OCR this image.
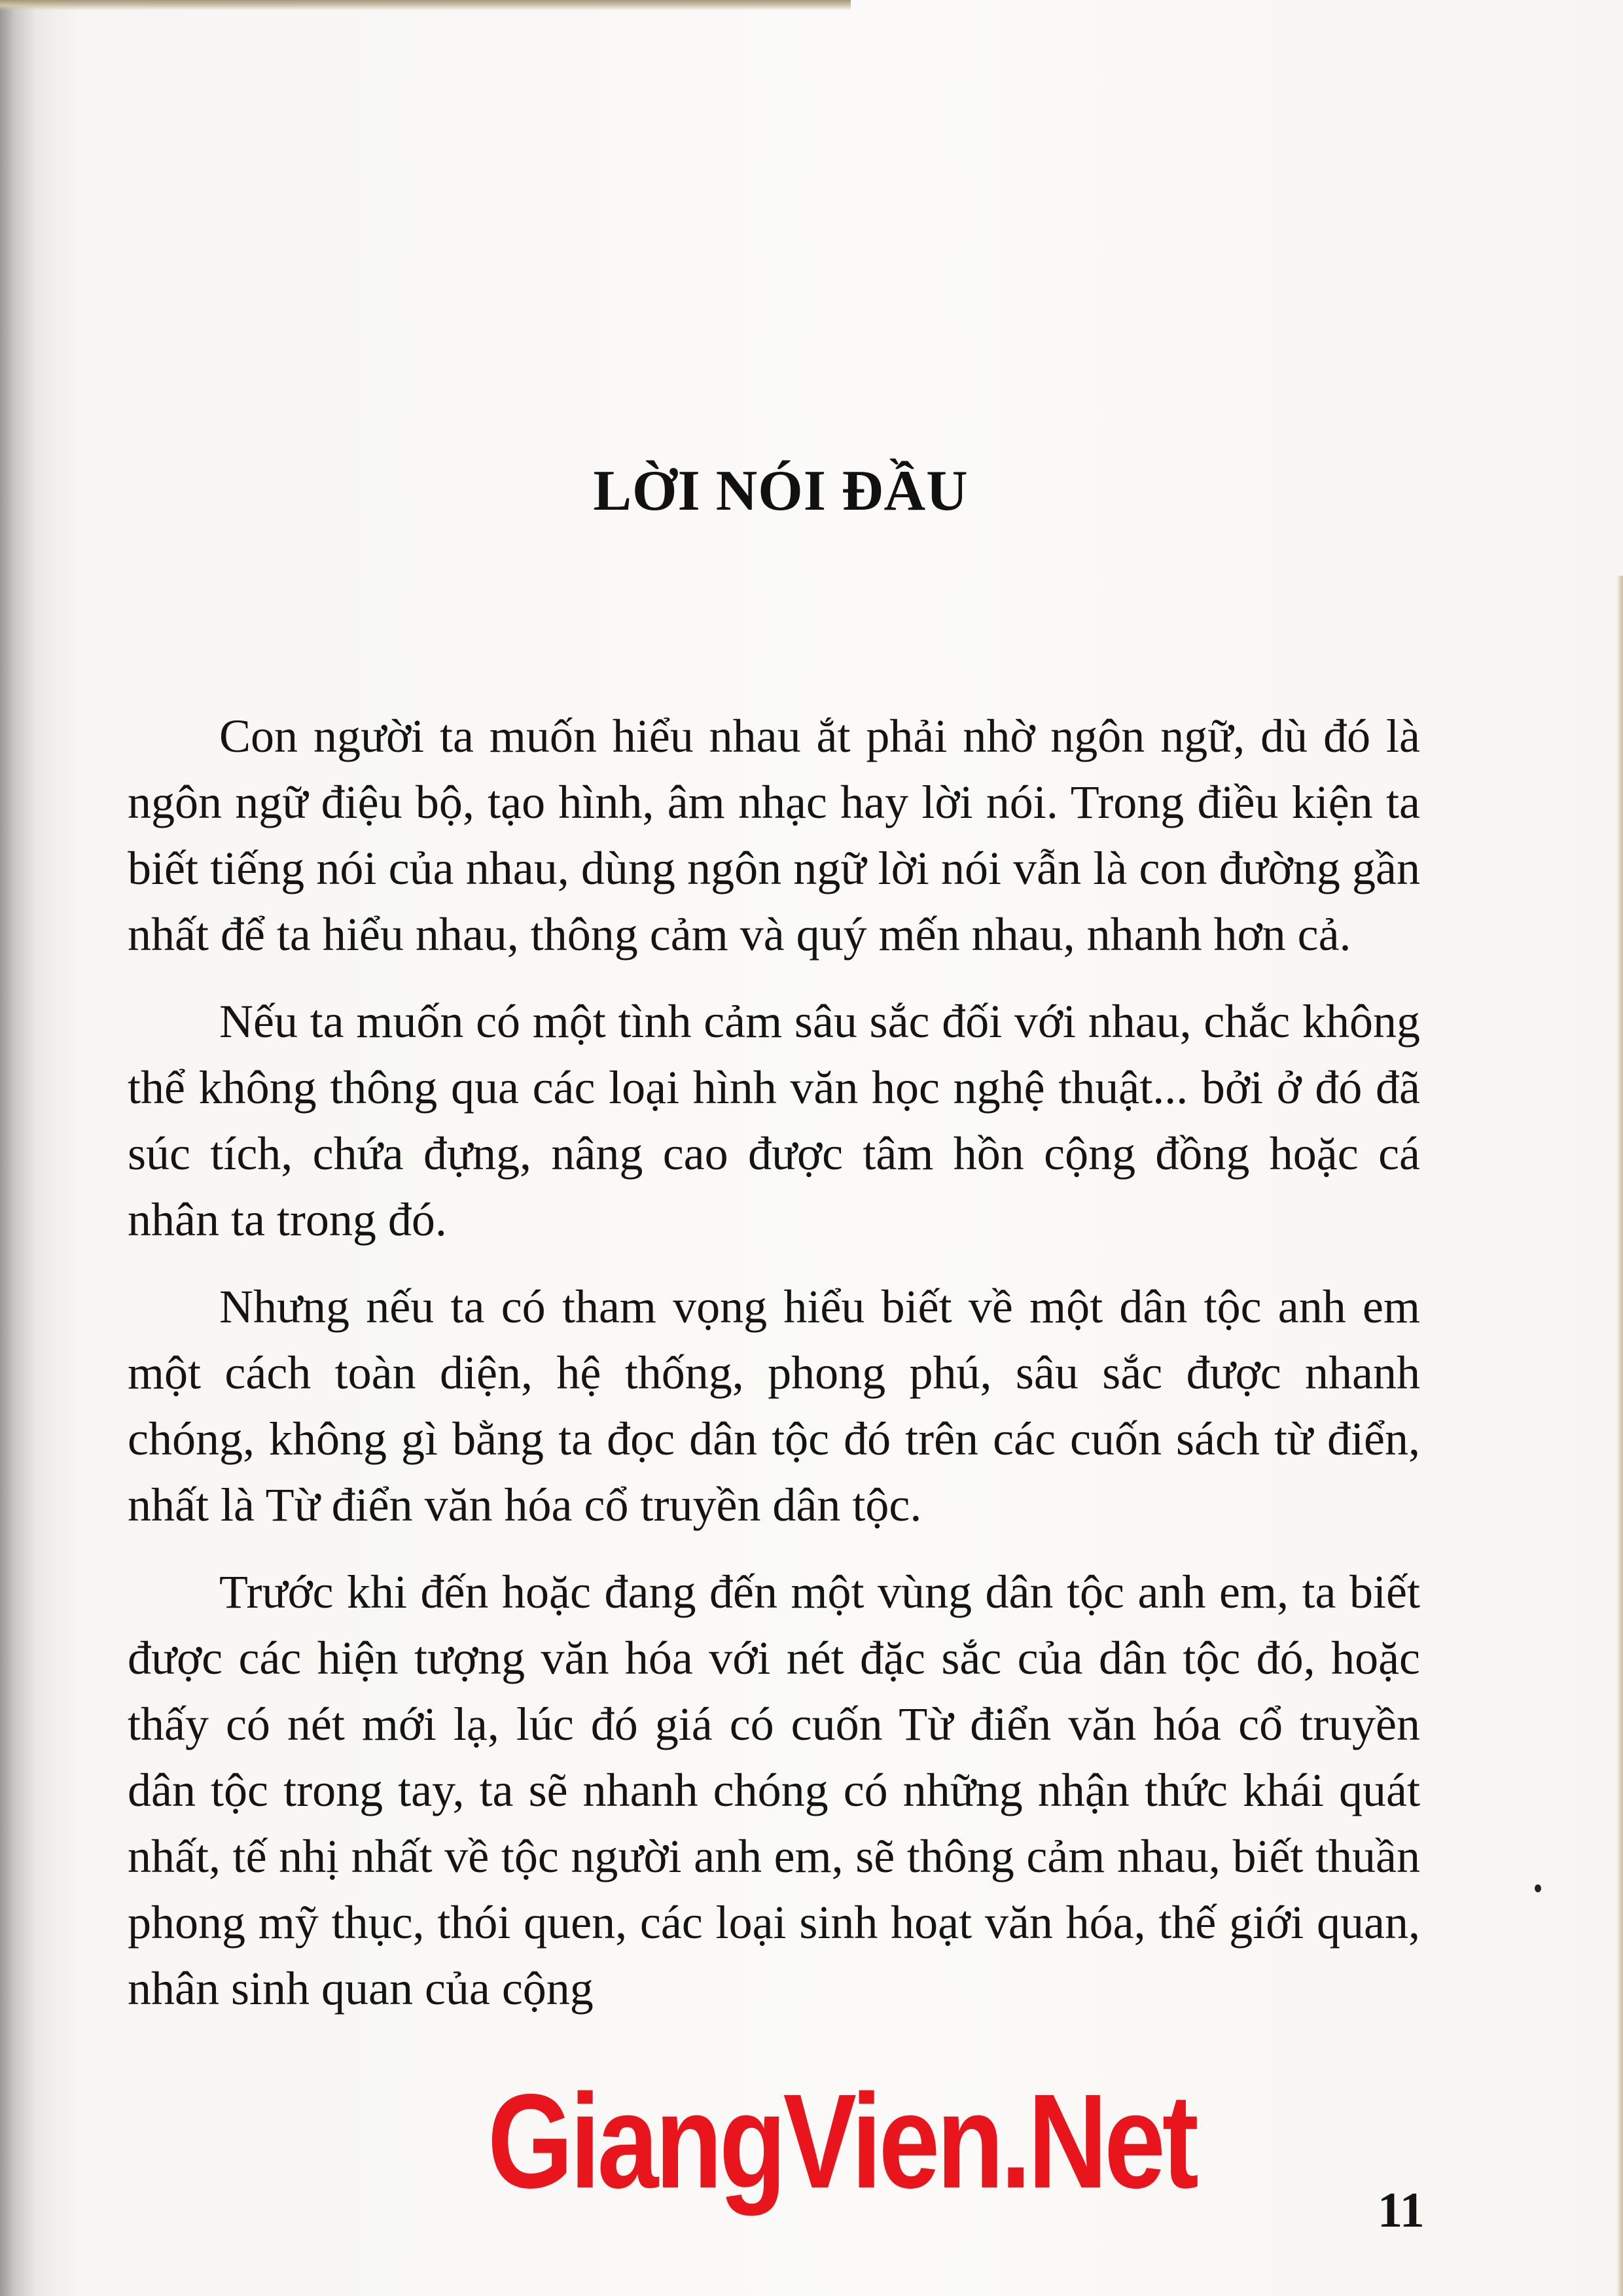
LỜI NÓI ĐẦU

Con người ta muốn hiểu nhau ắt phải nhờ ngôn ngữ, dù đó là ngôn ngữ điệu bộ, tạo hình, âm nhạc hay lời nói. Trong điều kiện ta biết tiếng nói của nhau, dùng ngôn ngữ lời nói vẫn là con đường gần nhất để ta hiểu nhau, thông cảm và quý mến nhau, nhanh hơn cả.

Nếu ta muốn có một tình cảm sâu sắc đối với nhau, chắc không thể không thông qua các loại hình văn học nghệ thuật... bởi ở đó đã súc tích, chứa đựng, nâng cao được tâm hồn cộng đồng hoặc cá nhân ta trong đó.

Nhưng nếu ta có tham vọng hiểu biết về một dân tộc anh em một cách toàn diện, hệ thống, phong phú, sâu sắc được nhanh chóng, không gì bằng ta đọc dân tộc đó trên các cuốn sách từ điển, nhất là Từ điển văn hóa cổ truyền dân tộc.

Trước khi đến hoặc đang đến một vùng dân tộc anh em, ta biết được các hiện tượng văn hóa với nét đặc sắc của dân tộc đó, hoặc thấy có nét mới lạ, lúc đó giá có cuốn Từ điển văn hóa cổ truyền dân tộc trong tay, ta sẽ nhanh chóng có những nhận thức khái quát nhất, tế nhị nhất về tộc người anh em, sẽ thông cảm nhau, biết thuần phong mỹ thục, thói quen, các loại sinh hoạt văn hóa, thế giới quan, nhân sinh quan của cộng

GiangVien.Net	11
